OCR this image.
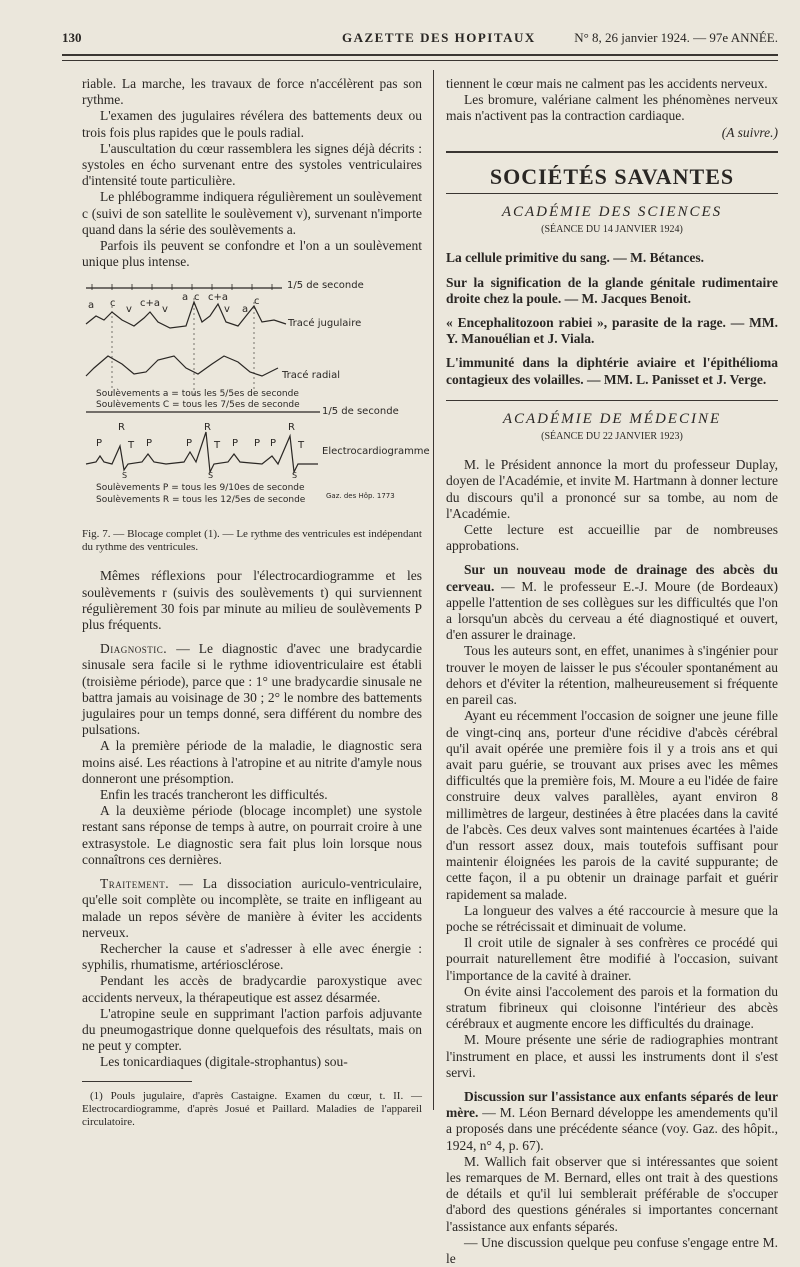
130	GAZETTE DES HOPITAUX	N° 8, 26 janvier 1924. — 97e ANNÉE.

riable. La marche, les travaux de force n'accélèrent pas son rythme.

L'examen des jugulaires révélera des battements deux ou trois fois plus rapides que le pouls radial.

L'auscultation du cœur rassemblera les signes déjà décrits : systoles en écho survenant entre des systoles ventriculaires d'intensité toute particulière.

Le phlébogramme indiquera régulièrement un soulèvement c (suivi de son satellite le soulèvement v), survenant n'importe quand dans la série des soulèvements a.

Parfois ils peuvent se confondre et l'on a un soulèvement unique plus intense.

1/5 de seconde
Tracé jugulaire
Tracé radial
Soulèvements a = tous les 5/5es de seconde
Soulèvements C = tous les 7/5es de seconde
1/5 de seconde
Electrocardiogramme
Soulèvements P = tous les 9/10es de seconde
Soulèvements R = tous les 12/5es de seconde	Gaz. des Hôp. 1773
a c
v
c+a
v
a c c+a
v a
c
R	R	R
P	T P	P	P
T	P
P	T
S	S	S

Fig. 7. — Blocage complet (1). — Le rythme des ventricules est indépendant du rythme des ventricules.

Mêmes réflexions pour l'électrocardiogramme et les soulèvements r (suivis des soulèvements t) qui surviennent régulièrement 30 fois par minute au milieu de soulèvements P plus fréquents.

Diagnostic. — Le diagnostic d'avec une bradycardie sinusale sera facile si le rythme idioventriculaire est établi (troisième période), parce que : 1° une bradycardie sinusale ne battra jamais au voisinage de 30 ; 2° le nombre des battements jugulaires pour un temps donné, sera différent du nombre des pulsations.

A la première période de la maladie, le diagnostic sera moins aisé. Les réactions à l'atropine et au nitrite d'amyle nous donneront une présomption.

Enfin les tracés trancheront les difficultés.

A la deuxième période (blocage incomplet) une systole restant sans réponse de temps à autre, on pourrait croire à une extrasystole. Le diagnostic sera fait plus loin lorsque nous connaîtrons ces dernières.

Traitement. — La dissociation auriculo-ventriculaire, qu'elle soit complète ou incomplète, se traite en infligeant au malade un repos sévère de manière à éviter les accidents nerveux.

Rechercher la cause et s'adresser à elle avec énergie : syphilis, rhumatisme, artériosclérose.

Pendant les accès de bradycardie paroxystique avec accidents nerveux, la thérapeutique est assez désarmée.

L'atropine seule en supprimant l'action parfois adjuvante du pneumogastrique donne quelquefois des résultats, mais on ne peut y compter.

Les tonicardiaques (digitale-strophantus) sou-

(1) Pouls jugulaire, d'après Castaigne. Examen du cœur, t. II. — Electrocardiogramme, d'après Josué et Paillard. Maladies de l'appareil circulatoire.

tiennent le cœur mais ne calment pas les accidents nerveux.

Les bromure, valériane calment les phénomènes nerveux mais n'activent pas la contraction cardiaque.

(A suivre.)

SOCIÉTÉS SAVANTES

ACADÉMIE DES SCIENCES

(SÉANCE DU 14 JANVIER 1924)

La cellule primitive du sang. — M. Bétances.

Sur la signification de la glande génitale rudimentaire droite chez la poule. — M. Jacques Benoit.

« Encephalitozoon rabiei », parasite de la rage. — MM. Y. Manouélian et J. Viala.

L'immunité dans la diphtérie aviaire et l'épithélioma contagieux des volailles. — MM. L. Panisset et J. Verge.

ACADÉMIE DE MÉDECINE

(SÉANCE DU 22 JANVIER 1923)

M. le Président annonce la mort du professeur Duplay, doyen de l'Académie, et invite M. Hartmann à donner lecture du discours qu'il a prononcé sur sa tombe, au nom de l'Académie.

Cette lecture est accueillie par de nombreuses approbations.

Sur un nouveau mode de drainage des abcès du cerveau. — M. le professeur E.-J. Moure (de Bordeaux) appelle l'attention de ses collègues sur les difficultés que l'on a lorsqu'un abcès du cerveau a été diagnostiqué et ouvert, d'en assurer le drainage.

Tous les auteurs sont, en effet, unanimes à s'ingénier pour trouver le moyen de laisser le pus s'écouler spontanément au dehors et d'éviter la rétention, malheureusement si fréquente en pareil cas.

Ayant eu récemment l'occasion de soigner une jeune fille de vingt-cinq ans, porteur d'une récidive d'abcès cérébral qu'il avait opérée une première fois il y a trois ans et qui avait paru guérie, se trouvant aux prises avec les mêmes difficultés que la première fois, M. Moure a eu l'idée de faire construire deux valves parallèles, ayant environ 8 millimètres de largeur, destinées à être placées dans la cavité de l'abcès. Ces deux valves sont maintenues écartées à l'aide d'un ressort assez doux, mais toutefois suffisant pour maintenir éloignées les parois de la cavité suppurante; de cette façon, il a pu obtenir un drainage parfait et guérir rapidement sa malade.

La longueur des valves a été raccourcie à mesure que la poche se rétrécissait et diminuait de volume.

Il croit utile de signaler à ses confrères ce procédé qui pourrait naturellement être modifié à l'occasion, suivant l'importance de la cavité à drainer.

On évite ainsi l'accolement des parois et la formation du stratum fibrineux qui cloisonne l'intérieur des abcès cérébraux et augmente encore les difficultés du drainage.

M. Moure présente une série de radiographies montrant l'instrument en place, et aussi les instruments dont il s'est servi.

Discussion sur l'assistance aux enfants séparés de leur mère. — M. Léon Bernard développe les amendements qu'il a proposés dans une précédente séance (voy. Gaz. des hôpit., 1924, n° 4, p. 67).

M. Wallich fait observer que si intéressantes que soient les remarques de M. Bernard, elles ont trait à des questions de détails et qu'il lui semblerait préférable de s'occuper d'abord des questions générales si importantes concernant l'assistance aux enfants séparés.

— Une discussion quelque peu confuse s'engage entre M. le
